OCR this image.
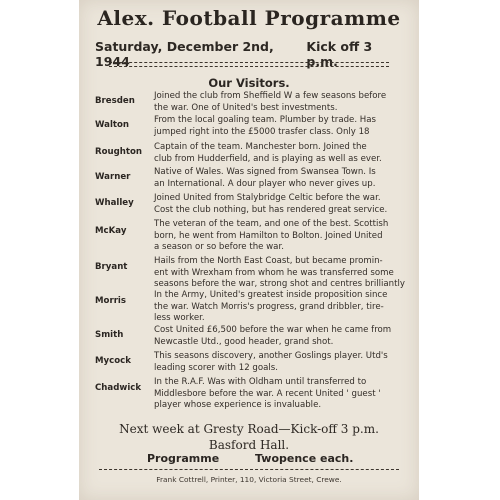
Alex. Football Programme
Saturday, December 2nd, 1944
Kick off 3 p.m.
Our Visitors.
Bresden Joined the club from Sheffield W a few seasons before
the war. One of United's best investments.
Walton	From the local goaling team. Plumber by trade. Has
jumped right into the £5000 trasfer class. Only 18
Roughton Captain of the team. Manchester born. Joined the
club from Hudderfield, and is playing as well as ever.
Warner	Native of Wales. Was signed from Swansea Town. Is
an International. A dour player who never gives up.
Whalley Joined United from Stalybridge Celtic before the war.
Cost the club nothing, but has rendered great service.
McKay
The veteran of the team, and one of the best. Scottish
born, he went from Hamilton to Bolton. Joined United
a season or so before the war.
Bryant
Hails from the North East Coast, but became promin-
ent with Wrexham from whom he was transferred some
seasons before the war, strong shot and centres brilliantly
Morris
In the Army, United's greatest inside proposition since
the war. Watch Morris's progress, grand dribbler, tire-
less worker.
Smith	Cost United £6,500 before the war when he came from
Newcastle Utd., good header, grand shot.
Mycock	This seasons discovery, another Goslings player. Utd's
leading scorer with 12 goals.
Chadwick
In the R.A.F. Was with Oldham until transferred to
Middlesbore before the war. A recent United ' guest '
player whose experience is invaluable.
Next week at Gresty Road—Kick-off 3 p.m.
Basford Hall.
Programme	Twopence each.
Frank Cottrell, Printer, 110, Victoria Street, Crewe.
